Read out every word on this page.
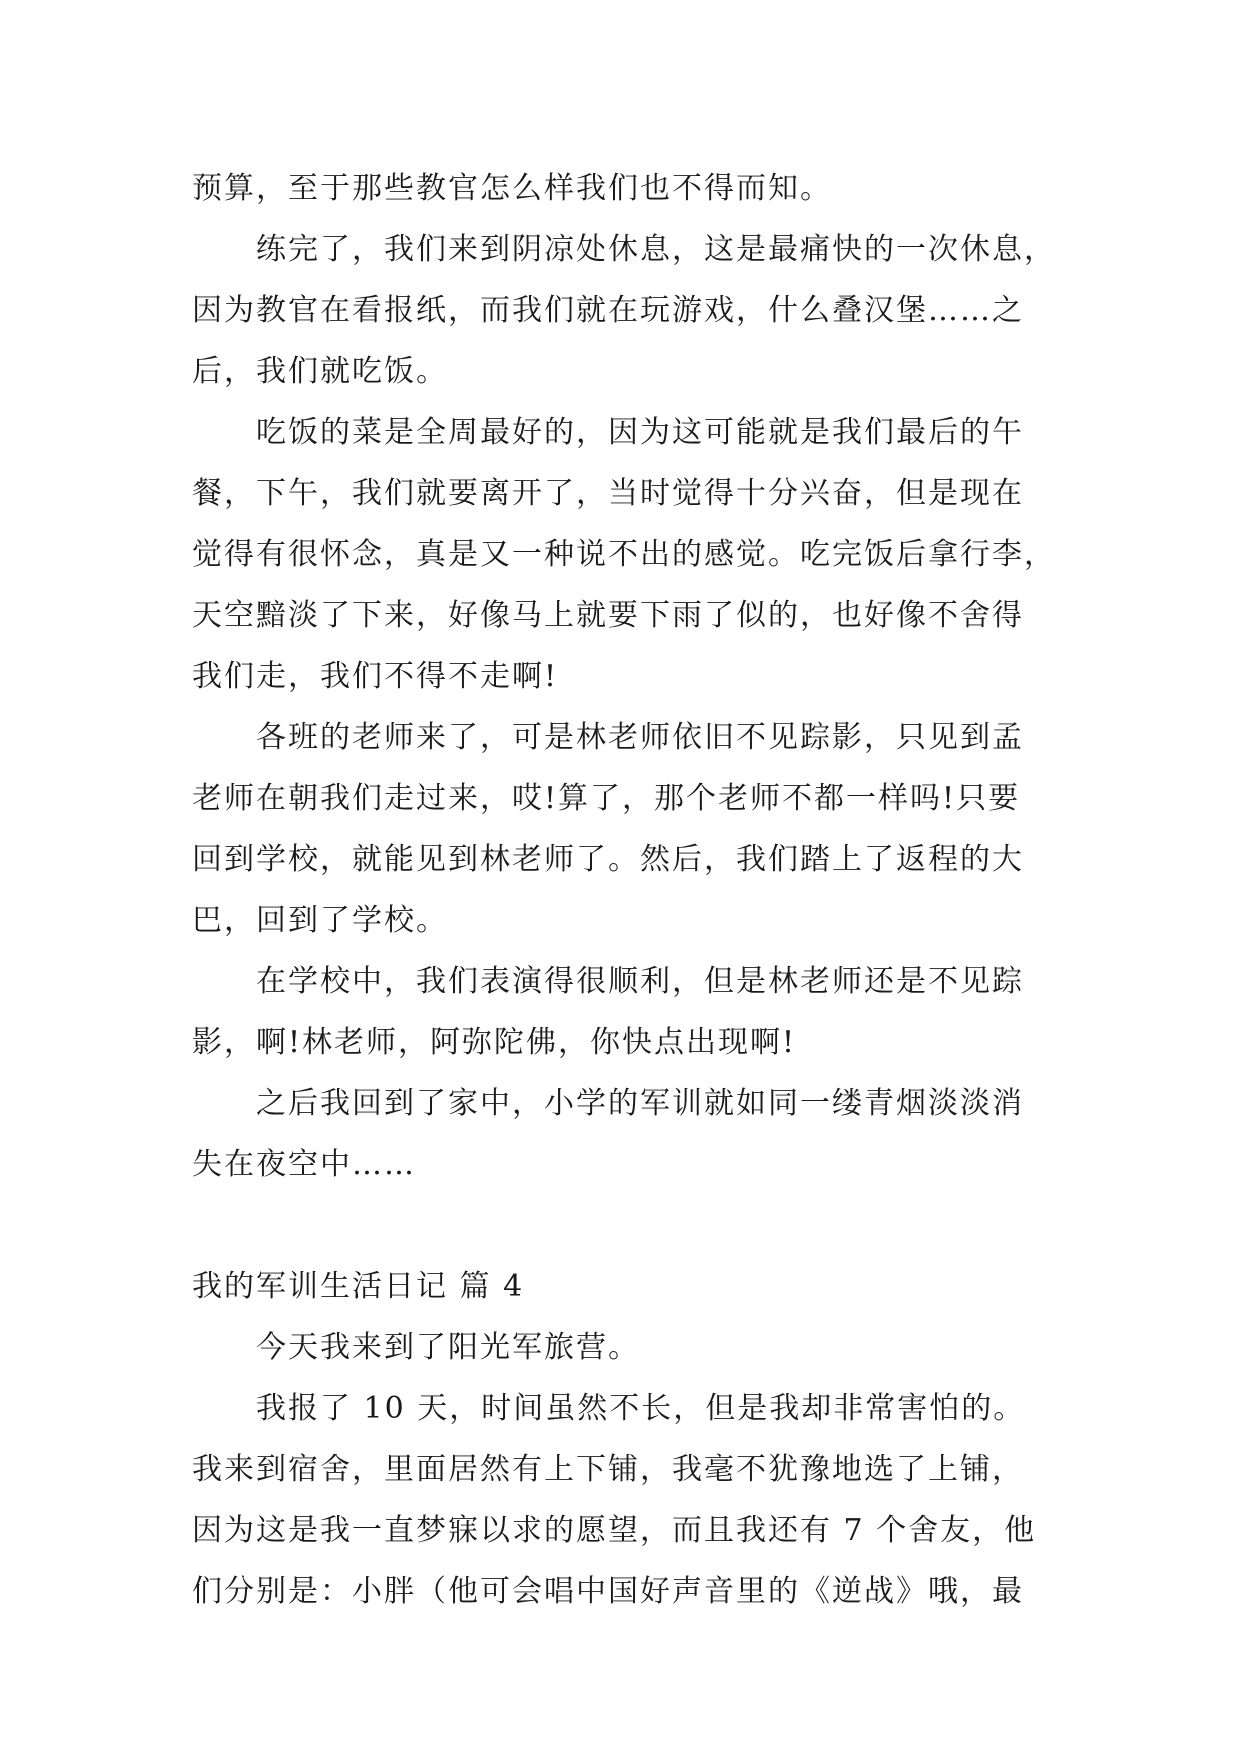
预算，至于那些教官怎么样我们也不得而知。
练完了，我们来到阴凉处休息，这是最痛快的一次休息，
因为教官在看报纸，而我们就在玩游戏，什么叠汉堡……之
后，我们就吃饭。
吃饭的菜是全周最好的，因为这可能就是我们最后的午
餐，下午，我们就要离开了，当时觉得十分兴奋，但是现在
觉得有很怀念，真是又一种说不出的感觉。吃完饭后拿行李，
天空黯淡了下来，好像马上就要下雨了似的，也好像不舍得
我们走，我们不得不走啊!
各班的老师来了，可是林老师依旧不见踪影，只见到孟
老师在朝我们走过来，哎!算了，那个老师不都一样吗!只要
回到学校，就能见到林老师了。然后，我们踏上了返程的大
巴，回到了学校。
在学校中，我们表演得很顺利，但是林老师还是不见踪
影，啊!林老师，阿弥陀佛，你快点出现啊!
之后我回到了家中，小学的军训就如同一缕青烟淡淡消
失在夜空中……
我的军训生活日记 篇 4
今天我来到了阳光军旅营。
我报了 10 天，时间虽然不长，但是我却非常害怕的。
我来到宿舍，里面居然有上下铺，我毫不犹豫地选了上铺，
因为这是我一直梦寐以求的愿望，而且我还有 7 个舍友，他
们分别是：小胖（他可会唱中国好声音里的《逆战》哦，最
